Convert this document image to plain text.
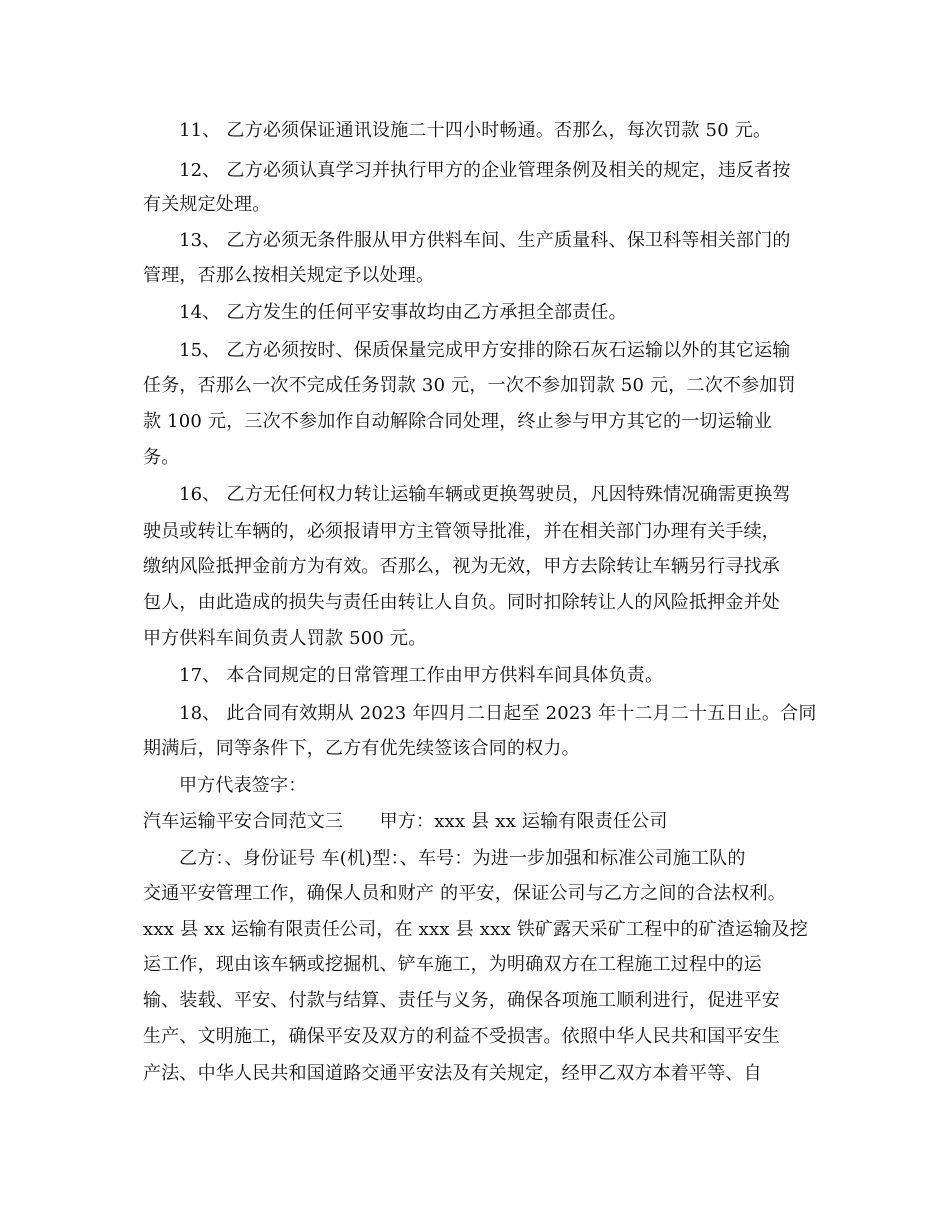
11、 乙方必须保证通讯设施二十四小时畅通。否那么，每次罚款 50 元。
12、 乙方必须认真学习并执行甲方的企业管理条例及相关的规定，违反者按
有关规定处理。
13、 乙方必须无条件服从甲方供料车间、生产质量科、保卫科等相关部门的
管理，否那么按相关规定予以处理。
14、 乙方发生的任何平安事故均由乙方承担全部责任。
15、 乙方必须按时、保质保量完成甲方安排的除石灰石运输以外的其它运输
任务，否那么一次不完成任务罚款 30 元，一次不参加罚款 50 元，二次不参加罚
款 100 元，三次不参加作自动解除合同处理，终止参与甲方其它的一切运输业
务。
16、 乙方无任何权力转让运输车辆或更换驾驶员，凡因特殊情况确需更换驾
驶员或转让车辆的，必须报请甲方主管领导批准，并在相关部门办理有关手续，
缴纳风险抵押金前方为有效。否那么，视为无效，甲方去除转让车辆另行寻找承
包人，由此造成的损失与责任由转让人自负。同时扣除转让人的风险抵押金并处
甲方供料车间负责人罚款 500 元。
17、 本合同规定的日常管理工作由甲方供料车间具体负责。
18、 此合同有效期从 2023 年四月二日起至 2023 年十二月二十五日止。合同
期满后，同等条件下，乙方有优先续签该合同的权力。
甲方代表签字：
汽车运输平安合同范文三　　甲方：xxx 县 xx 运输有限责任公司
乙方：、身份证号 车(机)型：、车号：为进一步加强和标准公司施工队的
交通平安管理工作，确保人员和财产 的平安，保证公司与乙方之间的合法权利。
xxx 县 xx 运输有限责任公司，在 xxx 县 xxx 铁矿露天采矿工程中的矿渣运输及挖
运工作，现由该车辆或挖掘机、铲车施工，为明确双方在工程施工过程中的运
输、装载、平安、付款与结算、责任与义务，确保各项施工顺利进行，促进平安
生产、文明施工，确保平安及双方的利益不受损害。依照中华人民共和国平安生
产法、中华人民共和国道路交通平安法及有关规定，经甲乙双方本着平等、自
